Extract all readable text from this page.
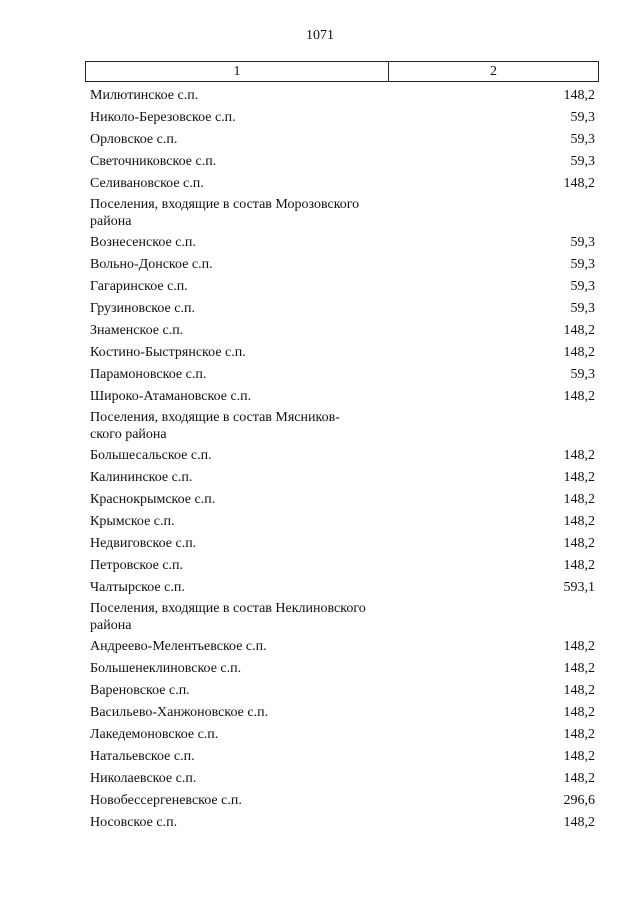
1071
1	2
Милютинское с.п.	148,2
Николо-Березовское с.п.	59,3
Орловское с.п.	59,3
Светочниковское с.п.	59,3
Селивановское с.п.	148,2
Поселения, входящие в состав Морозовского
района
Вознесенское с.п.	59,3
Вольно-Донское с.п.	59,3
Гагаринское с.п.	59,3
Грузиновское с.п.	59,3
Знаменское с.п.	148,2
Костино-Быстрянское с.п.	148,2
Парамоновское с.п.	59,3
Широко-Атамановское с.п.	148,2
Поселения, входящие в состав Мясников-
ского района
Большесальское с.п.	148,2
Калининское с.п.	148,2
Краснокрымское с.п.	148,2
Крымское с.п.	148,2
Недвиговское с.п.	148,2
Петровское с.п.	148,2
Чалтырское с.п.	593,1
Поселения, входящие в состав Неклиновского
района
Андреево-Мелентьевское с.п.	148,2
Большенеклиновское с.п.	148,2
Вареновское с.п.	148,2
Васильево-Ханжоновское с.п.	148,2
Лакедемоновское с.п.	148,2
Натальевское с.п.	148,2
Николаевское с.п.	148,2
Новобессергеневское с.п.	296,6
Носовское с.п.	148,2
